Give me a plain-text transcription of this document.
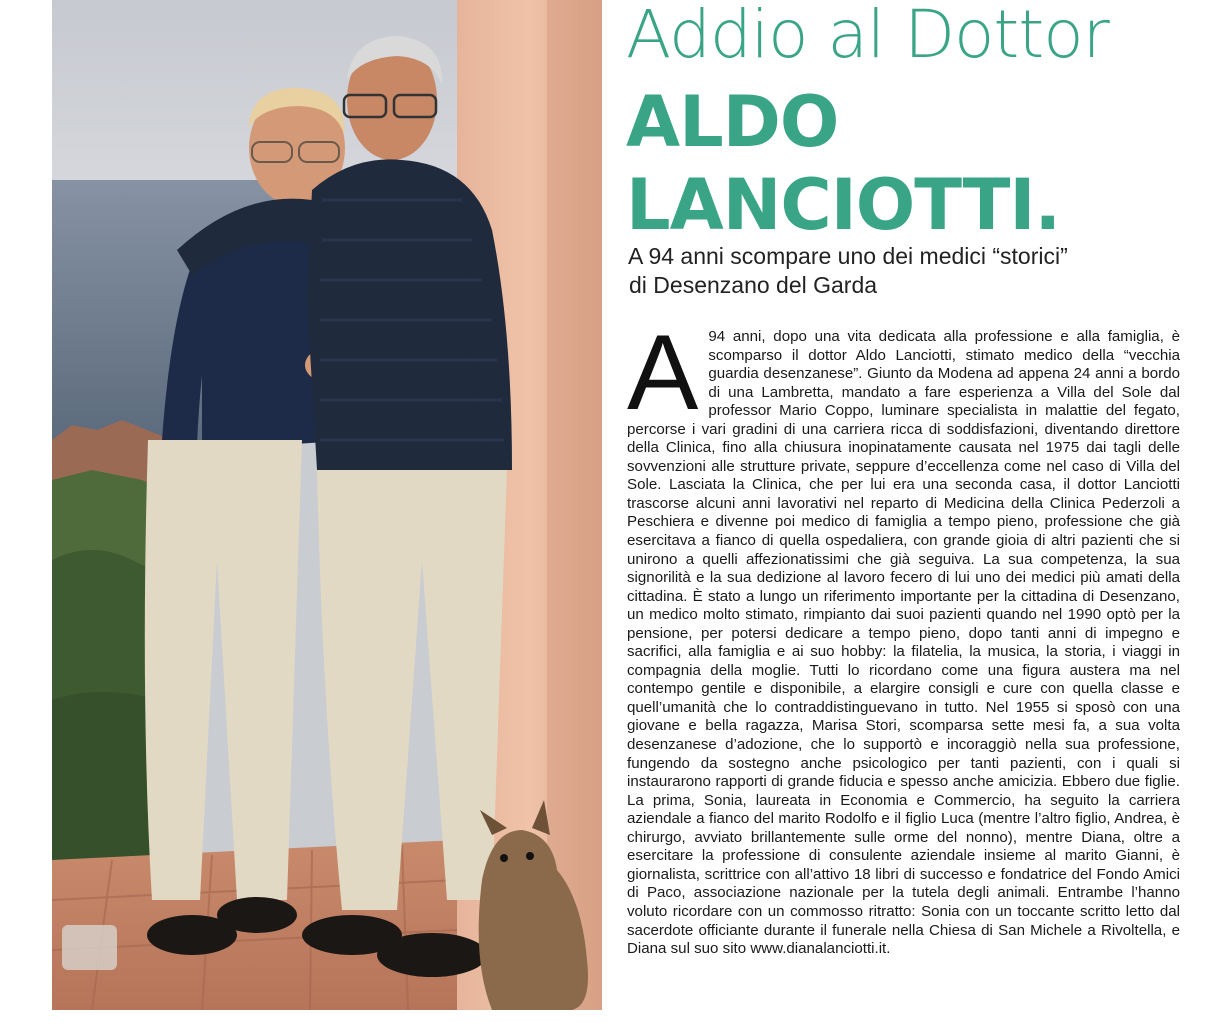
Addio al Dottor
ALDO
LANCIOTTI.
A 94 anni scompare uno dei medici “storici”
di Desenzano del Garda
A 94 anni, dopo una vita dedicata alla professione e alla famiglia, è scomparso il dottor Aldo Lanciotti, stimato medico della “vecchia guardia desenzanese”. Giunto da Modena ad appena 24 anni a bordo di una Lambretta, mandato a fare esperienza a Villa del Sole dal professor Mario Coppo, luminare specialista in malattie del fegato, percorse i vari gradini di una carriera ricca di soddisfazioni, diventando direttore della Clinica, fino alla chiusura inopinatamente causata nel 1975 dai tagli delle sovvenzioni alle strutture private, seppure d’eccellenza come nel caso di Villa del Sole. Lasciata la Clinica, che per lui era una seconda casa, il dottor Lanciotti trascorse alcuni anni lavorativi nel reparto di Medicina della Clinica Pederzoli a Peschiera e divenne poi medico di famiglia a tempo pieno, professione che già esercitava a fianco di quella ospedaliera, con grande gioia di altri pazienti che si unirono a quelli affezionatissimi che già seguiva. La sua competenza, la sua signorilità e la sua dedizione al lavoro fecero di lui uno dei medici più amati della cittadina. È stato a lungo un riferimento importante per la cittadina di Desenzano, un medico molto stimato, rimpianto dai suoi pazienti quando nel 1990 optò per la pensione, per potersi dedicare a tempo pieno, dopo tanti anni di impegno e sacrifici, alla famiglia e ai suo hobby: la filatelia, la musica, la storia, i viaggi in compagnia della moglie. Tutti lo ricordano come una figura austera ma nel contempo gentile e disponibile, a elargire consigli e cure con quella classe e quell’umanità che lo contraddistinguevano in tutto. Nel 1955 si sposò con una giovane e bella ragazza, Marisa Stori, scomparsa sette mesi fa, a sua volta desenzanese d’adozione, che lo supportò e incoraggiò nella sua professione, fungendo da sostegno anche psicologico per tanti pazienti, con i quali si instaurarono rapporti di grande fiducia e spesso anche amicizia. Ebbero due figlie. La prima, Sonia, laureata in Economia e Commercio, ha seguito la carriera aziendale a fianco del marito Rodolfo e il figlio Luca (mentre l’altro figlio, Andrea, è chirurgo, avviato brillantemente sulle orme del nonno), mentre Diana, oltre a esercitare la professione di consulente aziendale insieme al marito Gianni, è giornalista, scrittrice con all’attivo 18 libri di successo e fondatrice del Fondo Amici di Paco, associazione nazionale per la tutela degli animali. Entrambe l’hanno voluto ricordare con un commosso ritratto: Sonia con un toccante scritto letto dal sacerdote officiante durante il funerale nella Chiesa di San Michele a Rivoltella, e Diana sul suo sito www.dianalanciotti.it.
